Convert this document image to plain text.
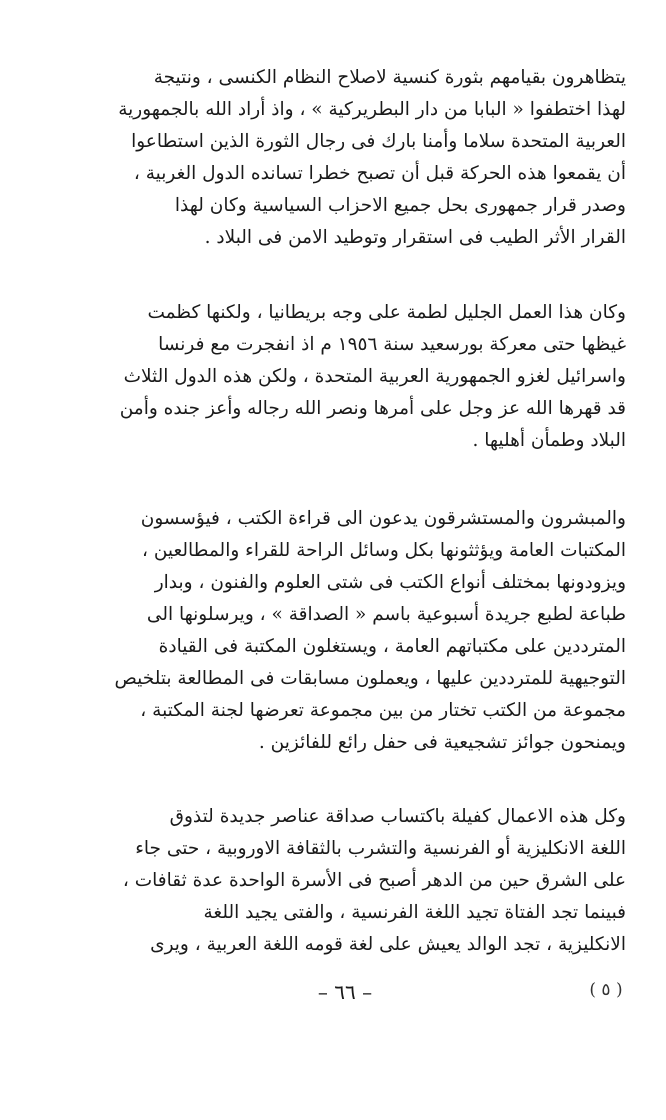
يتظاهرون بقيامهم بثورة كنسية لاصلاح النظام الكنسى ، ونتيجة
لهذا اختطفوا « البابا من دار البطريركية » ، واذ أراد الله بالجمهورية
العربية المتحدة سلاما وأمنا بارك فى رجال الثورة الذين استطاعوا
أن يقمعوا هذه الحركة قبل أن تصبح خطرا تسانده الدول الغربية ،
وصدر قرار جمهورى بحل جميع الاحزاب السياسية وكان لهذا
القرار الأثر الطيب فى استقرار وتوطيد الامن فى البلاد .
وكان هذا العمل الجليل لطمة على وجه بريطانيا ، ولكنها كظمت
غيظها حتى معركة بورسعيد سنة ١٩٥٦ م اذ انفجرت مع فرنسا
واسرائيل لغزو الجمهورية العربية المتحدة ، ولكن هذه الدول الثلاث
قد قهرها الله عز وجل على أمرها ونصر الله رجاله وأعز جنده وأمن
البلاد وطمأن أهليها .
والمبشرون والمستشرقون يدعون الى قراءة الكتب ، فيؤسسون
المكتبات العامة ويؤثثونها بكل وسائل الراحة للقراء والمطالعين ،
ويزودونها بمختلف أنواع الكتب فى شتى العلوم والفنون ، وبدار
طباعة لطبع جريدة أسبوعية باسم « الصداقة » ، ويرسلونها الى
المترددين على مكتباتهم العامة ، ويستغلون المكتبة فى القيادة
التوجيهية للمترددين عليها ، ويعملون مسابقات فى المطالعة بتلخيص
مجموعة من الكتب تختار من بين مجموعة تعرضها لجنة المكتبة ،
ويمنحون جوائز تشجيعية فى حفل رائع للفائزين .
وكل هذه الاعمال كفيلة باكتساب صداقة عناصر جديدة لتذوق
اللغة الانكليزية أو الفرنسية والتشرب بالثقافة الاوروبية ، حتى جاء
على الشرق حين من الدهر أصبح فى الأسرة الواحدة عدة ثقافات ،
فبينما تجد الفتاة تجيد اللغة الفرنسية ، والفتى يجيد اللغة
الانكليزية ، تجد الوالد يعيش على لغة قومه اللغة العربية ، ويرى
– ٦٦ –	( ٥ )
